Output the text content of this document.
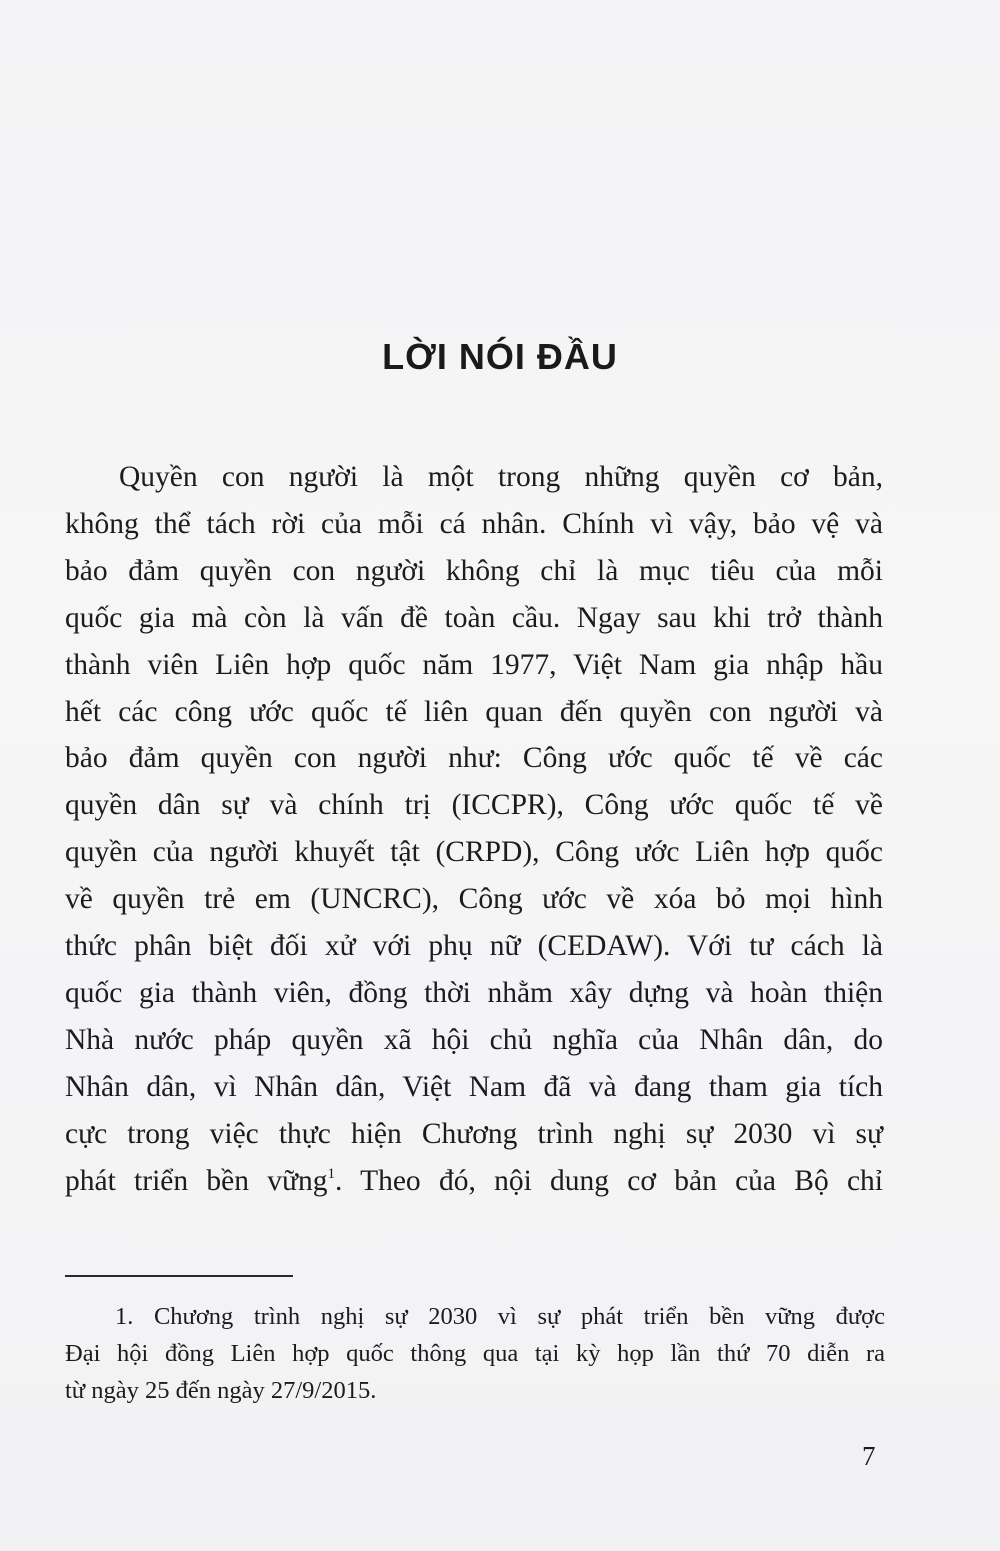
LỜI NÓI ĐẦU
Quyền con người là một trong những quyền cơ bản,
không thể tách rời của mỗi cá nhân. Chính vì vậy, bảo vệ và
bảo đảm quyền con người không chỉ là mục tiêu của mỗi
quốc gia mà còn là vấn đề toàn cầu. Ngay sau khi trở thành
thành viên Liên hợp quốc năm 1977, Việt Nam gia nhập hầu
hết các công ước quốc tế liên quan đến quyền con người và
bảo đảm quyền con người như: Công ước quốc tế về các
quyền dân sự và chính trị (ICCPR), Công ước quốc tế về
quyền của người khuyết tật (CRPD), Công ước Liên hợp quốc
về quyền trẻ em (UNCRC), Công ước về xóa bỏ mọi hình
thức phân biệt đối xử với phụ nữ (CEDAW). Với tư cách là
quốc gia thành viên, đồng thời nhằm xây dựng và hoàn thiện
Nhà nước pháp quyền xã hội chủ nghĩa của Nhân dân, do
Nhân dân, vì Nhân dân, Việt Nam đã và đang tham gia tích
cực trong việc thực hiện Chương trình nghị sự 2030 vì sự
phát triển bền vững$^1$. Theo đó, nội dung cơ bản của Bộ chỉ
1. Chương trình nghị sự 2030 vì sự phát triển bền vững được
Đại hội đồng Liên hợp quốc thông qua tại kỳ họp lần thứ 70 diễn ra
từ ngày 25 đến ngày 27/9/2015.
7
